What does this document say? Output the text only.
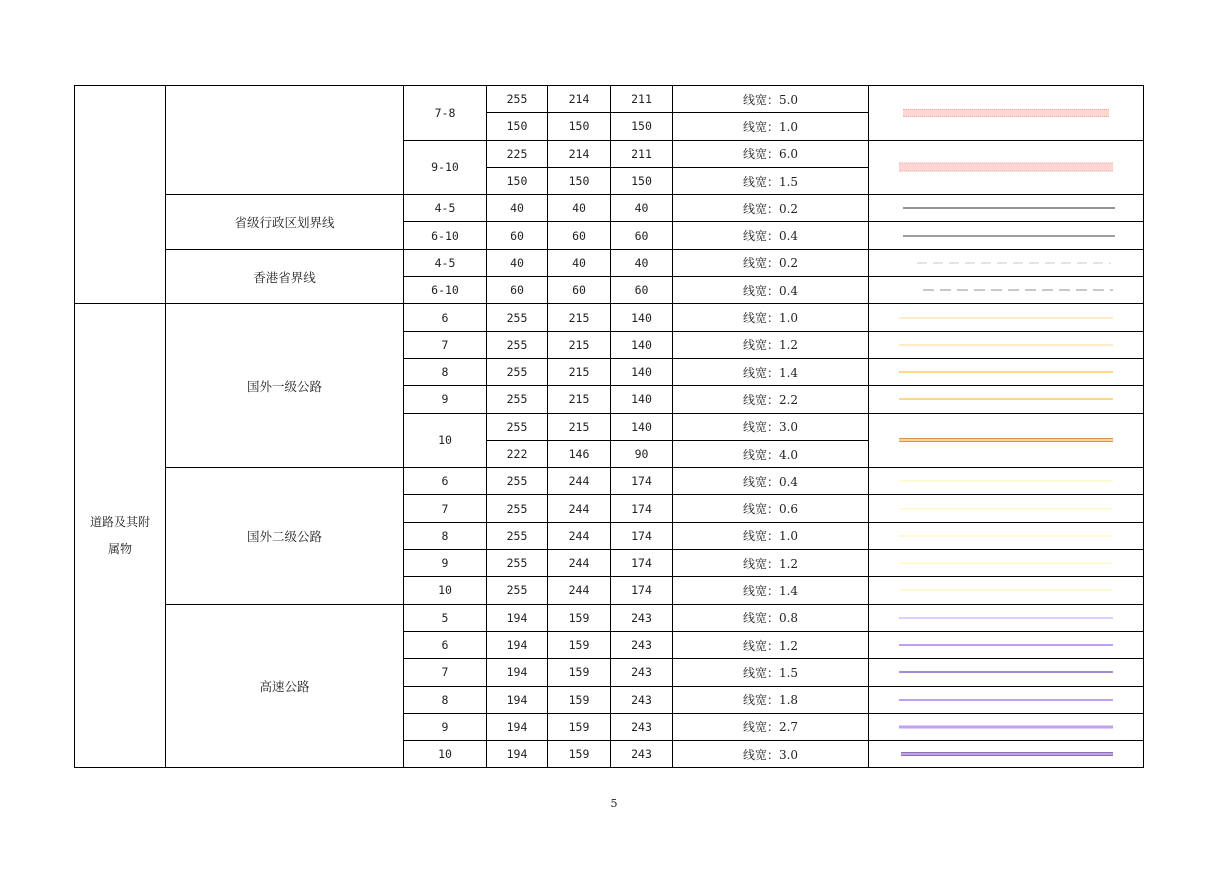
		7-8	255	214	211	线宽：5.0	

			150	150	150	线宽：1.0	
		9-10	225	214	211	线宽：6.0	

			150	150	150	线宽：1.5	
	省级行政区划界线	4-5	40	40	40	线宽：0.2	

		6-10	60	60	60	线宽：0.4	

	香港省界线	4-5	40	40	40	线宽：0.2	

		6-10	60	60	60	线宽：0.4	

道路及其附属物	国外一级公路	6	255	215	140	线宽：1.0	

		7	255	215	140	线宽：1.2	

		8	255	215	140	线宽：1.4	

		9	255	215	140	线宽：2.2	

		10	255	215	140	线宽：3.0	

			222	146	90	线宽：4.0	
	国外二级公路	6	255	244	174	线宽：0.4	

		7	255	244	174	线宽：0.6	

		8	255	244	174	线宽：1.0	

		9	255	244	174	线宽：1.2	

		10	255	244	174	线宽：1.4	

	高速公路	5	194	159	243	线宽：0.8	

		6	194	159	243	线宽：1.2	

		7	194	159	243	线宽：1.5	

		8	194	159	243	线宽：1.8	

		9	194	159	243	线宽：2.7	

		10	194	159	243	线宽：3.0	
5
